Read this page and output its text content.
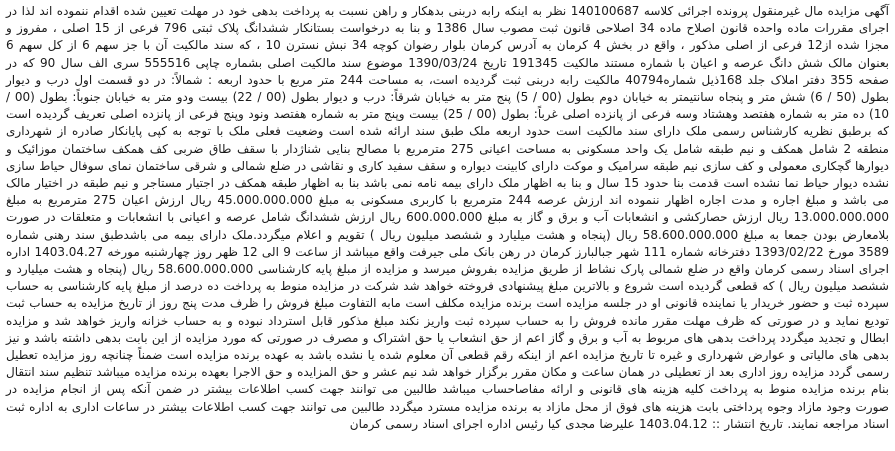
آگهی مزایده مال غیرمنقول پرونده اجرائی کلاسه 140100687 نظر به اینکه رابه دربنی بدهکار و راهن نسبت به پرداخت بدهی خود در مهلت تعیین شده اقدام ننموده اند لذا در اجرای مقررات ماده واحده قانون اصلاح ماده 34 اصلاحی قانون ثبت مصوب سال 1386 و بنا به درخواست بستانکار ششدانگ پلاک ثبتی 796 فرعی از 15 اصلی ، مفروز و مجزا شده از12 فرعی از اصلی مذکور ، واقع در بخش 4 کرمان به آدرس کرمان بلوار رضوان کوچه 34 نبش نسترن 10 ، که سند مالکیت آن با جز سهم 6 از کل سهم 6 بعنوان مالک شش دانگ عرصه و اعیان با شماره مستند مالکیت 191345 تاریخ 1390/03/24 موضوع سند مالکیت اصلی بشماره چاپی 555516 سری الف سال 90 که در صفحه 355 دفتر املاک جلد 168ذیل شماره40794 مالکیت رابه دربنی ثبت گردیده است، به مساحت 244 متر مربع با حدود اربعه : شمالاً: در دو قسمت اول درب و دیوار بطول (50 / 6) شش متر و پنجاه سانتیمتر به خیابان دوم بطول (00 / 5) پنج متر به خیابان شرقاً: درب و دیوار بطول (00 / 22) بیست ودو متر به خیابان جنوباً: بطول (00 / 10) ده متر به شماره هفتصد وهشتاد وسه فرعی از پانزده اصلی غرباً: بطول (00 / 25) بیست وپنج متر به شماره هفتصد ونود وپنج فرعی از پانزده اصلی تعریف گردیده است که برطبق نظریه کارشناس رسمی ملک دارای سند مالکیت است حدود اربعه ملک طبق سند ارائه شده است وضعیت فعلی ملک با توجه به کپی پایانکار صادره از شهرداری منطقه 2 شامل همکف و نیم طبقه شامل یک واحد مسکونی به مساحت اعیانی 275 مترمربع با مصالح بنایی شناژدار با سقف طاق ضربی کف همکف ساختمان موزائیک و دیوارها گچکاری معمولی و کف سازی نیم طبقه سرامیک و موکت دارای کابینت دیواره و سقف سفید کاری و نقاشی در ضلع شمالی و شرقی ساختمان نمای سوفال حیاط سازی نشده دیوار حیاط نما نشده است قدمت بنا حدود 15 سال و بنا به اظهار ملک دارای بیمه نامه نمی باشد بنا به اظهار طبقه همکف در اجتیار مستاجر و نیم طبقه در اختیار مالک می باشد و مبلغ اجاره و مدت اجاره اظهار ننموده اند ارزش عرصه 244 مترمربع با کاربری مسکونی به مبلغ 45.000.000.000 ریال ارزش اعیان 275 مترمربع به مبلغ 13.000.000.000 ریال ارزش حصارکشی و انشعابات آب و برق و گاز به مبلغ 600.000.000 ریال ارزش ششدانگ شامل عرصه و اعیانی با انشعابات و متعلقات در صورت بلامعارض بودن جمعا به مبلغ 58.600.000.000 ریال (پنجاه و هشت میلیارد و ششصد میلیون ریال ) تقویم و اعلام میگردد.ملک دارای بیمه می باشدطبق سند رهنی شماره 3589 مورخ 1393/02/22 دفترخانه شماره 111 شهر جبالبارز کرمان در رهن بانک ملی جیرفت واقع میباشد از ساعت 9 الی 12 ظهر روز چهارشنبه مورخه 1403.04.27 اداره اجرای اسناد رسمی کرمان واقع در ضلع شمالی پارک نشاط از طریق مزایده بفروش میرسد و مزایده از مبلغ پایه کارشناسی 58.600.000.000 ریال (پنجاه و هشت میلیارد و ششصد میلیون ریال ) که قطعی گردیده است شروع و بالاترین مبلغ پیشنهادی فروخته خواهد شد شرکت در مزایده منوط به پرداخت ده درصد از مبلغ پایه کارشناسی به حساب سپرده ثبت و حضور خریدار یا نماینده قانونی او در جلسه مزایده است برنده مزایده مکلف است مابه التفاوت مبلغ فروش را ظرف مدت پنج روز از تاریخ مزایده به حساب ثبت تودیع نماید و در صورتی که ظرف مهلت مقرر مانده فروش را به حساب سپرده ثبت واریز نکند مبلغ مذکور قابل استرداد نبوده و به حساب خزانه واریز خواهد شد و مزایده ابطال و تجدید میگردد پرداخت بدهی های مربوط به آب و برق و گاز اعم از حق انشعاب یا حق اشتراک و مصرف در صورتی که مورد مزایده از این بابت بدهی داشته باشد و نیز بدهی های مالیاتی و عوارض شهرداری و غیره تا تاریخ مزایده اعم از اینکه رقم قطعی آن معلوم شده یا نشده باشد به عهده برنده مزایده است ضمناً چنانچه روز مزایده تعطیل رسمی گردد مزایده روز اداری بعد از تعطیلی در همان ساعت و مکان مقرر برگزار خواهد شد نیم عشر و حق المزایده و حق الاجرا بعهده برنده مزایده میباشد تنظیم سند انتقال بنام برنده مزایده منوط به پرداخت کلیه هزینه های قانونی و ارائه مفاصاحساب میباشد طالبین می توانند جهت کسب اطلاعات بیشتر در ضمن آنکه پس از انجام مزایده در صورت وجود مازاد وجوه پرداختی بابت هزینه های فوق از محل مازاد به برنده مزایده مسترد میگردد طالبین می توانند جهت کسب اطلاعات بیشتر در ساعات اداری به اداره ثبت اسناد مراجعه نمایند. تاریخ انتشار :: 1403.04.12 علیرضا مجدی کیا رئیس اداره اجرای اسناد رسمی کرمان
